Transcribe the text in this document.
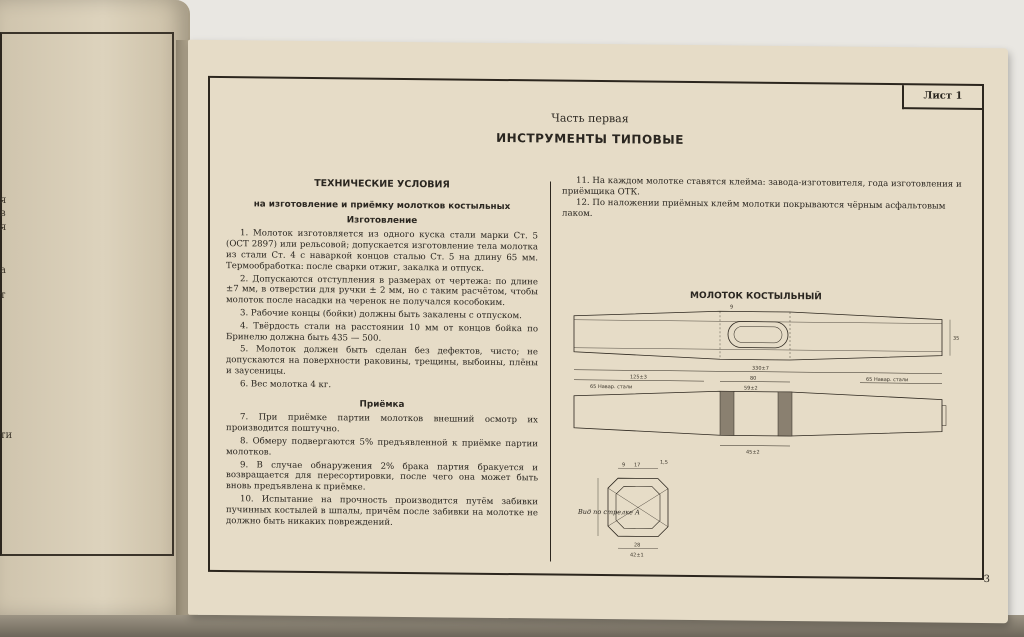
я
в
я
а
т
ти
Лист 1
Часть первая
ИНСТРУМЕНТЫ ТИПОВЫЕ
ТЕХНИЧЕСКИЕ УСЛОВИЯ
на изготовление и приёмку молотков костыльных
Изготовление

1. Молоток изготовляется из одного куска стали марки Ст. 5 (ОСТ 2897) или рельсовой; допускается изготовление тела молотка из стали Ст. 4 с наваркой концов сталью Ст. 5 на длину 65 мм. Термообработка: после сварки отжиг, закалка и отпуск.

2. Допускаются отступления в размерах от чертежа: по длине ±7 мм, в отверстии для ручки ± 2 мм, но с таким расчётом, чтобы молоток после насадки на черенок не получался кособоким.

3. Рабочие концы (бойки) должны быть закалены с отпуском.

4. Твёрдость стали на расстоянии 10 мм от концов бойка по Бринелю должна быть 435 — 500.

5. Молоток должен быть сделан без дефектов, чисто; не допускаются на поверхности раковины, трещины, выбоины, плёны и заусеницы.

6. Вес молотка 4 кг.

Приёмка

7. При приёмке партии молотков внешний осмотр их производится поштучно.

8. Обмеру подвергаются 5% предъявленной к приёмке партии молотков.

9. В случае обнаружения 2% брака партия бракуется и возвращается для пересортировки, после чего она может быть вновь предъявлена к приёмке.

10. Испытание на прочность производится путём забивки пучинных костылей в шпалы, причём после забивки на молотке не должно быть никаких повреждений.

11. На каждом молотке ставятся клейма: завода-изготовителя, года изготовления и приёмщика ОТК.

12. По наложении приёмных клейм молотки покрываются чёрным асфальтовым лаком.

МОЛОТОК КОСТЫЛЬНЫЙ
9
330±7
125±3	80	65 Навар. стали
65 Навар. стали	59±2
35
45±2
9 17	1,5
28
42±1
Вид по стрелке А
3
